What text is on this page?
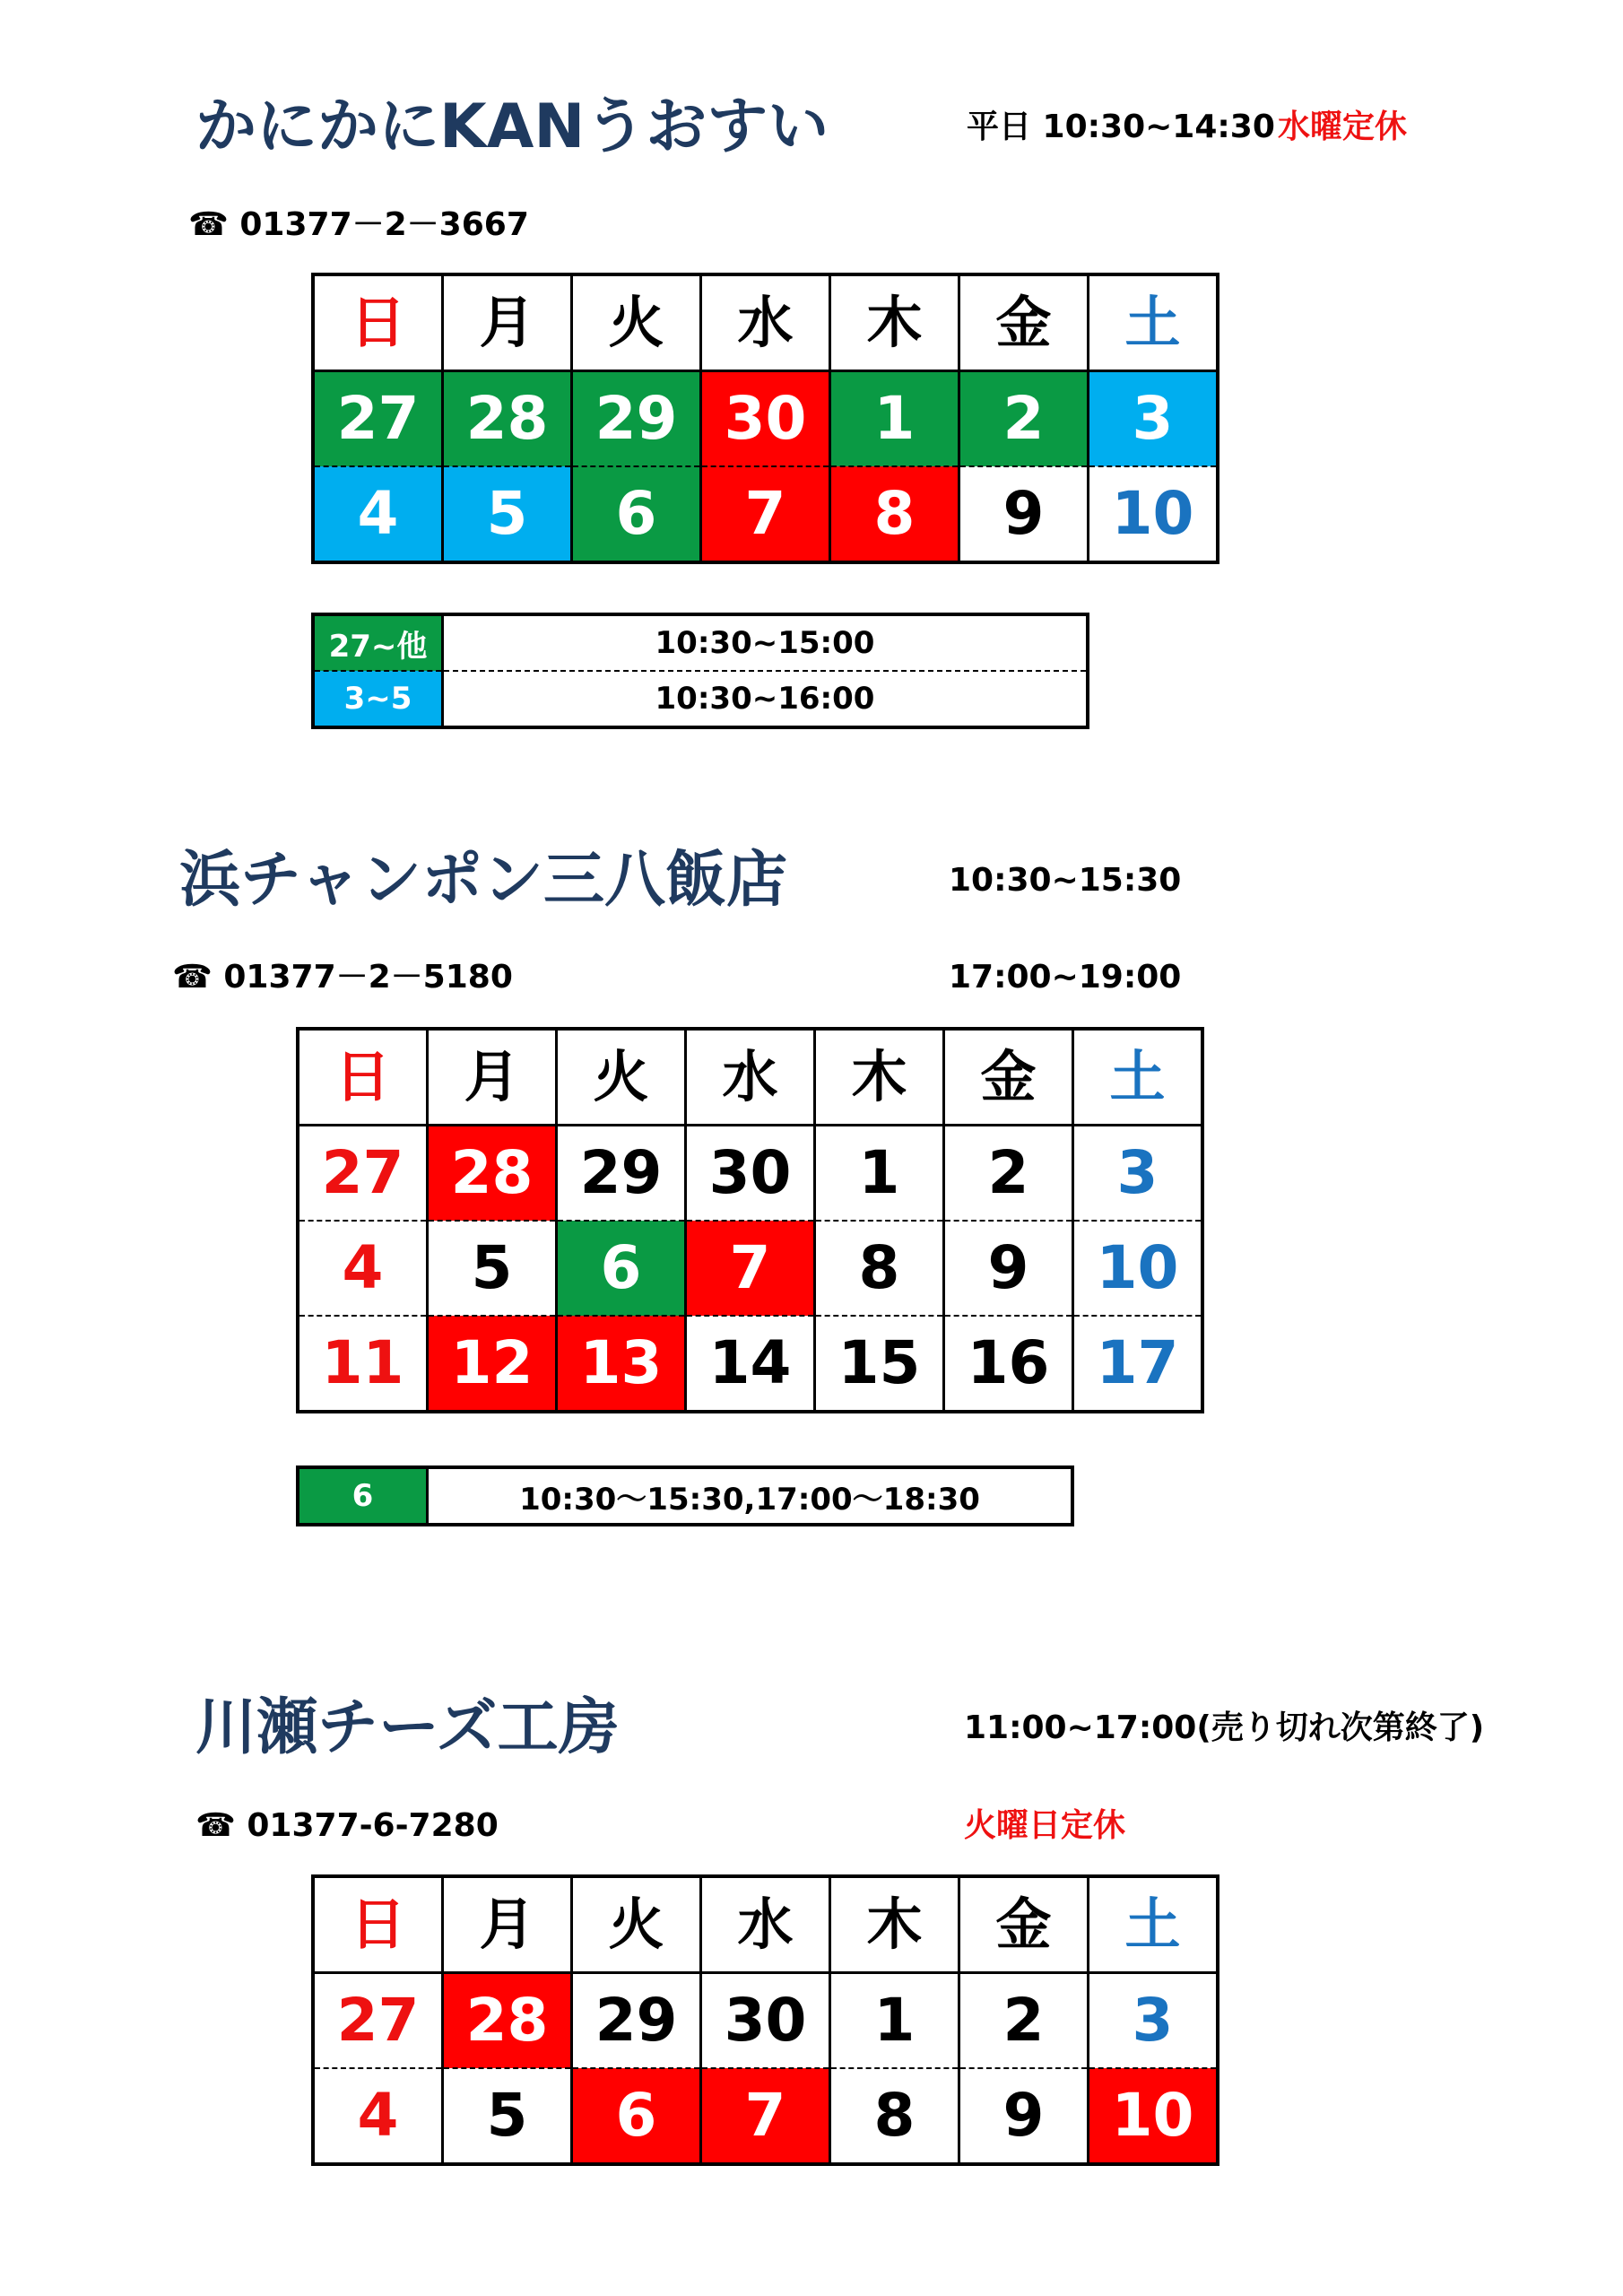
かにかにKANうおすい	平日 10:30~14:30 水曜定休
☎ 01377－2－3667
日	月	火	水	木	金	土
27	28	29	30	1	2	3
4	5	6	7	8	9	10
27~他	10:30~15:00
3~5	10:30~16:00
浜チャンポン三八飯店	10:30~15:30
17:00~19:00
☎ 01377－2－5180
日	月	火	水	木	金	土
27	28	29	30	1	2	3
4	5	6	7	8	9	10
11	12	13	14	15	16	17
6	10:30～15:30,17:00～18:30
川瀬チーズ工房	11:00~17:00(売り切れ次第終了)
火曜日定休
☎ 01377-6-7280
日	月	火	水	木	金	土
27	28	29	30	1	2	3
4	5	6	7	8	9	10
